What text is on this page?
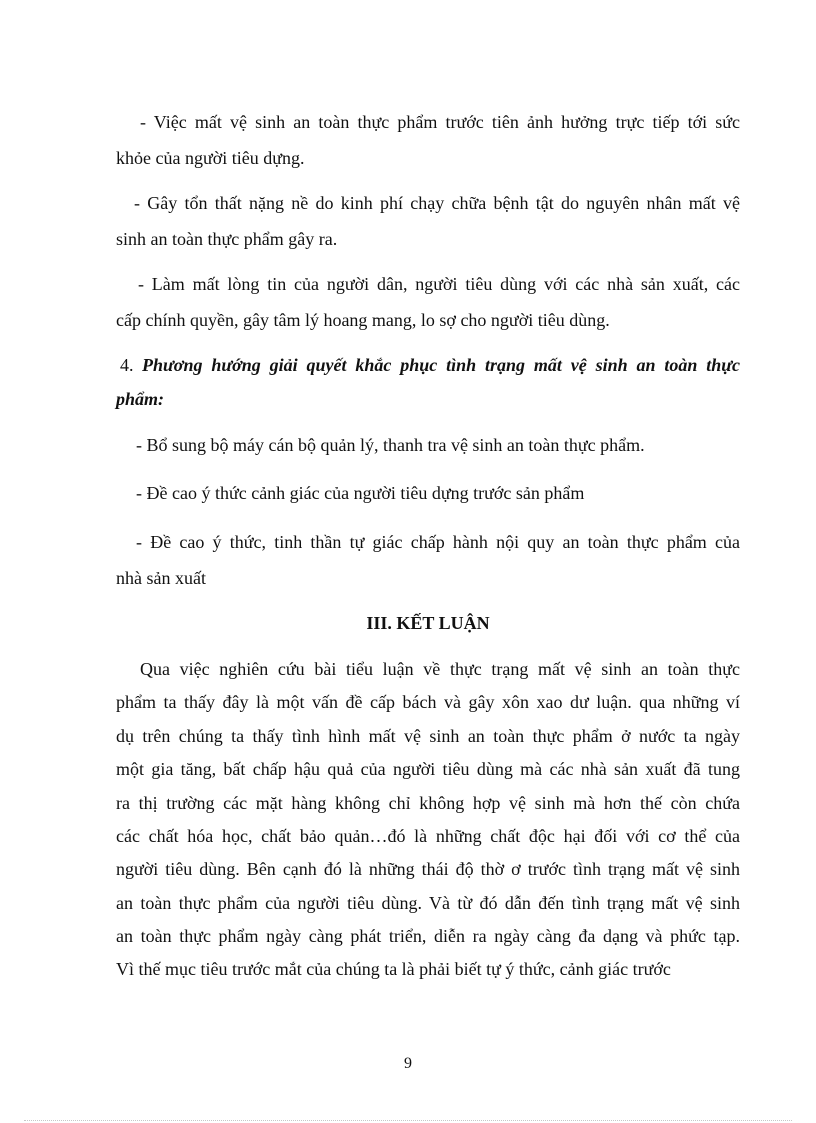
- Việc mất vệ sinh an toàn thực phẩm trước tiên ảnh hưởng trực tiếp tới sức
khỏe của người tiêu dựng.
- Gây tổn thất nặng nề do kinh phí chạy chữa bệnh tật do nguyên nhân mất vệ
sinh an toàn thực phẩm gây ra.
- Làm mất lòng tin của người dân, người tiêu dùng với các nhà sản xuất, các
cấp chính quyền, gây tâm lý hoang mang, lo sợ cho người tiêu dùng.
4. Phương hướng giải quyết khắc phục tình trạng mất vệ sinh an toàn thực
phẩm:
- Bổ sung bộ máy cán bộ quản lý, thanh tra vệ sinh an toàn thực phẩm.
- Đề cao ý thức cảnh giác của người tiêu dựng trước sản phẩm
- Đề cao ý thức, tinh thần tự giác chấp hành nội quy an toàn thực phẩm của
nhà sản xuất
III. KẾT LUẬN
Qua việc nghiên cứu bài tiểu luận về thực trạng mất vệ sinh an toàn thực
phẩm ta thấy đây là một vấn đề cấp bách và gây xôn xao dư luận. qua những ví
dụ trên chúng ta thấy tình hình mất vệ sinh an toàn thực phẩm ở nước ta ngày
một gia tăng, bất chấp hậu quả của người tiêu dùng mà các nhà sản xuất đã tung
ra thị trường các mặt hàng không chỉ không hợp vệ sinh mà hơn thế còn chứa
các chất hóa học, chất bảo quản…đó là những chất độc hại đối với cơ thể của
người tiêu dùng. Bên cạnh đó là những thái độ thờ ơ trước tình trạng mất vệ sinh
an toàn thực phẩm của người tiêu dùng. Và từ đó dẫn đến tình trạng mất vệ sinh
an toàn thực phẩm ngày càng phát triển, diễn ra ngày càng đa dạng và phức tạp.
Vì thế mục tiêu trước mắt của chúng ta là phải biết tự ý thức, cảnh giác trước
9
